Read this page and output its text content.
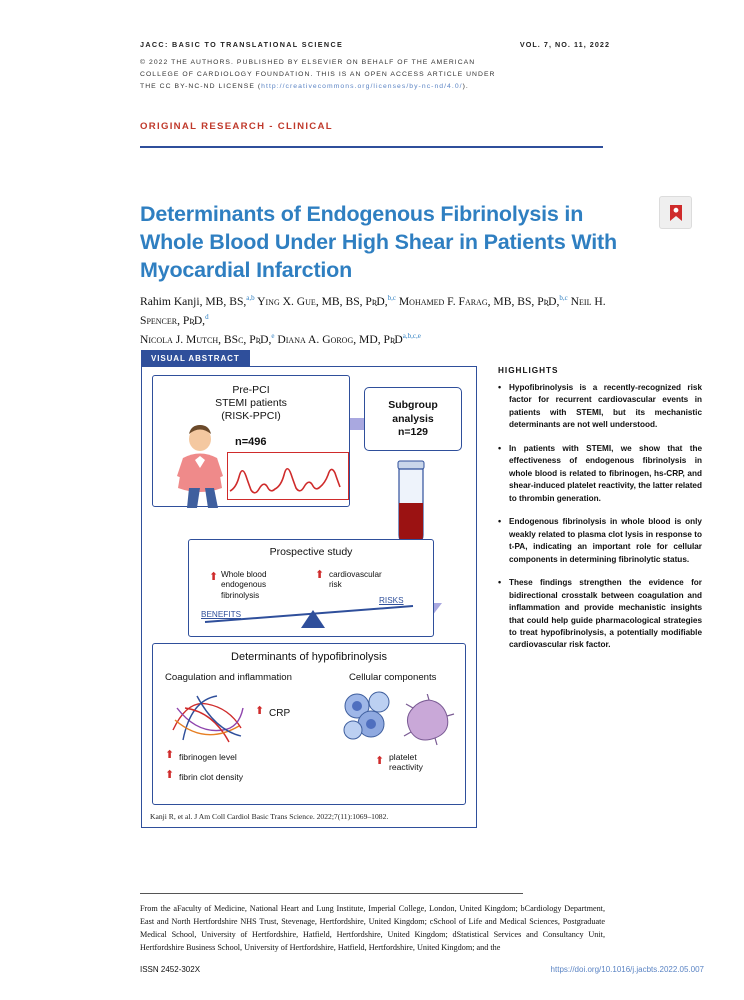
JACC: BASIC TO TRANSLATIONAL SCIENCE
© 2022 THE AUTHORS. PUBLISHED BY ELSEVIER ON BEHALF OF THE AMERICAN
COLLEGE OF CARDIOLOGY FOUNDATION. THIS IS AN OPEN ACCESS ARTICLE UNDER
THE CC BY-NC-ND LICENSE (http://creativecommons.org/licenses/by-nc-nd/4.0/).
VOL. 7, NO. 11, 2022
ORIGINAL RESEARCH - CLINICAL
Determinants of Endogenous Fibrinolysis in Whole Blood Under High Shear in Patients With Myocardial Infarction
Rahim Kanji, MB, BS,$^{a,b}$ Ying X. Gue, MB, BS, PʀD,$^{b,c}$ Mohamed F. Farag, MB, BS, PʀD,$^{b,c}$ Neil H. Spencer, PʀD,$^d$
Nicola J. Mutch, BSc, PʀD,$^e$ Diana A. Gorog, MD, PʀD$^{a,b,c,e}$
VISUAL ABSTRACT
Pre-PCI
STEMI patients
(RISK-PPCI)
n=496
Subgroup
analysis
n=129
Prospective study
Whole blood
endogenous
fibrinolysis
cardiovascular
risk
⬆	⬆
BENEFITS
RISKS
Determinants of hypofibrinolysis
Coagulation and inflammation	Cellular components
⬆ CRP
⬆ fibrinogen level
⬆ fibrin clot density
⬆ platelet
reactivity
Kanji R, et al. J Am Coll Cardiol Basic Trans Science. 2022;7(11):1069–1082.
HIGHLIGHTS
• Hypofibrinolysis is a recently-recognized risk factor for recurrent cardiovascular events in patients with STEMI, but its mechanistic determinants are not well understood.
• In patients with STEMI, we show that the effectiveness of endogenous fibrinolysis in whole blood is related to fibrinogen, hs-CRP, and shear-induced platelet reactivity, the latter related to thrombin generation.
• Endogenous fibrinolysis in whole blood is only weakly related to plasma clot lysis in response to t-PA, indicating an important role for cellular components in determining fibrinolytic status.
• These findings strengthen the evidence for bidirectional crosstalk between coagulation and inflammation and provide mechanistic insights that could help guide pharmacological strategies to treat hypofibrinolysis, a potentially modifiable cardiovascular risk factor.
From the aFaculty of Medicine, National Heart and Lung Institute, Imperial College, London, United Kingdom; bCardiology Department, East and North Hertfordshire NHS Trust, Stevenage, Hertfordshire, United Kingdom; cSchool of Life and Medical Sciences, Postgraduate Medical School, University of Hertfordshire, Hatfield, Hertfordshire, United Kingdom; dStatistical Services and Consultancy Unit, Hertfordshire Business School, University of Hertfordshire, Hatfield, Hertfordshire, United Kingdom; and the
ISSN 2452-302X	https://doi.org/10.1016/j.jacbts.2022.05.007
